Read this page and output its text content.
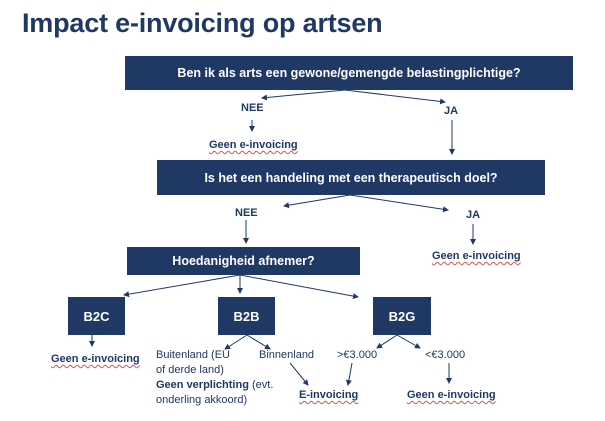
Impact e-invoicing op artsen
Ben ik als arts een gewone/gemengde belastingplichtige?
Is het een handeling met een therapeutisch doel?
Hoedanigheid afnemer?
B2C	B2B	B2G
NEE	JA
Geen e-invoicing
NEE	JA
Geen e-invoicing
Geen e-invoicing Buitenland (EU
of derde land)
Geen verplichting (evt.
onderling akkoord)
Binnenland >€3.000	<€3.000
E-invoicing	Geen e-invoicing
